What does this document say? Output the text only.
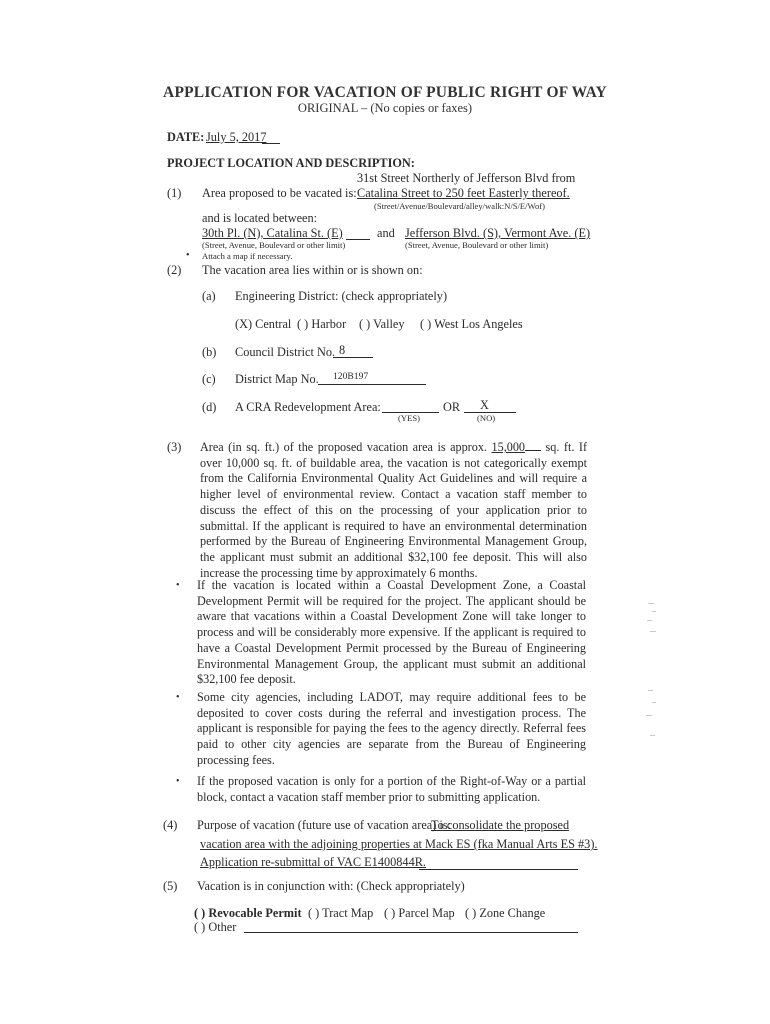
APPLICATION FOR VACATION OF PUBLIC RIGHT OF WAY
ORIGINAL – (No copies or faxes)
DATE: July 5, 2017
PROJECT LOCATION AND DESCRIPTION:
31st Street Northerly of Jefferson Blvd from
(1) Area proposed to be vacated is: Catalina Street to 250 feet Easterly thereof.
(Street/Avenue/Boulevard/alley/walk:N/S/E/Wof)
and is located between:
30th Pl. (N), Catalina St. (E)	and Jefferson Blvd. (S), Vermont Ave. (E)
(Street, Avenue, Boulevard or other limit)	(Street, Avenue, Boulevard or other limit)
• Attach a map if necessary.
(2) The vacation area lies within or is shown on:
(a) Engineering District: (check appropriately)
(X) Central ( ) Harbor ( ) Valley ( ) West Los Angeles
(b) Council District No. 8
(c) District Map No. 120B197
(d) A CRA Redevelopment Area:	OR X
(YES)	(NO)
(3) Area (in sq. ft.) of the proposed vacation area is approx. 15,000 sq. ft. If over 10,000 sq. ft. of buildable area, the vacation is not categorically exempt from the California Environmental Quality Act Guidelines and will require a higher level of environmental review. Contact a vacation staff member to discuss the effect of this on the processing of your application prior to submittal. If the applicant is required to have an environmental determination performed by the Bureau of Engineering Environmental Management Group, the applicant must submit an additional $32,100 fee deposit. This will also increase the processing time by approximately 6 months.
• If the vacation is located within a Coastal Development Zone, a Coastal Development Permit will be required for the project. The applicant should be aware that vacations within a Coastal Development Zone will take longer to process and will be considerably more expensive. If the applicant is required to have a Coastal Development Permit processed by the Bureau of Engineering Environmental Management Group, the applicant must submit an additional $32,100 fee deposit.
• Some city agencies, including LADOT, may require additional fees to be deposited to cover costs during the referral and investigation process. The applicant is responsible for paying the fees to the agency directly. Referral fees paid to other city agencies are separate from the Bureau of Engineering processing fees.
• If the proposed vacation is only for a portion of the Right-of-Way or a partial block, contact a vacation staff member prior to submitting application.
(4) Purpose of vacation (future use of vacation area) is:
To consolidate the proposed
vacation area with the adjoining properties at Mack ES (fka Manual Arts ES #3).
Application re-submittal of VAC E1400844R.
(5) Vacation is in conjunction with: (Check appropriately)
( ) Revocable Permit ( ) Tract Map ( ) Parcel Map ( ) Zone Change
( ) Other
